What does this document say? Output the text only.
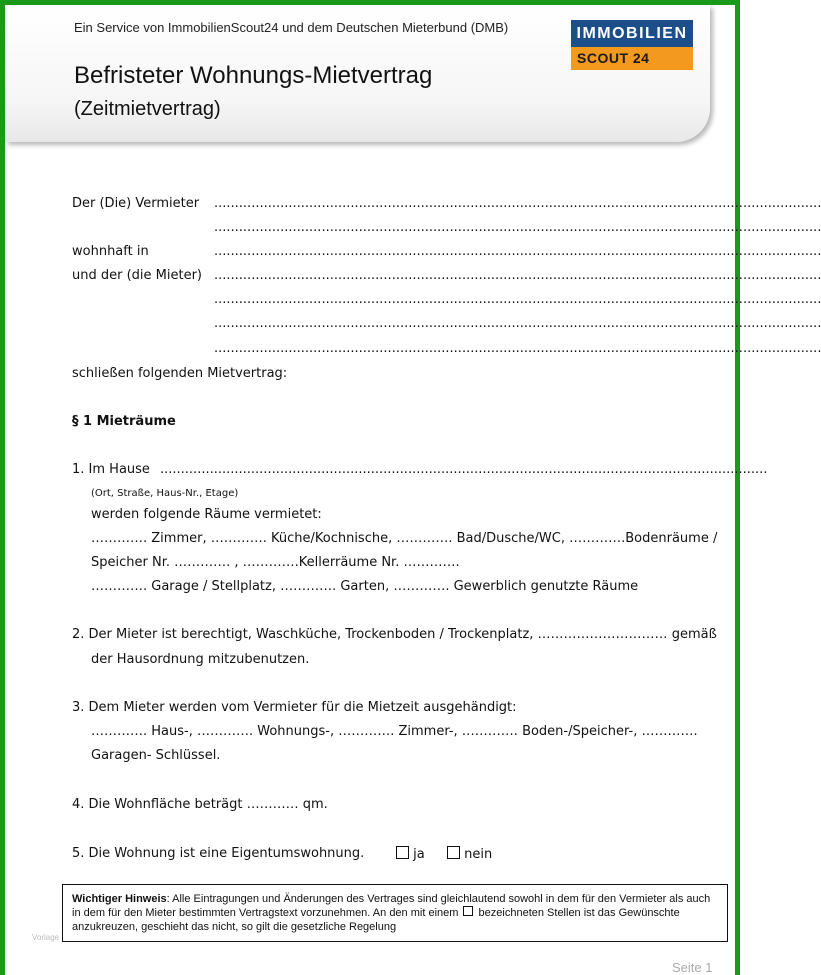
Ein Service von ImmobilienScout24 und dem Deutschen Mieterbund (DMB)
Befristeter Wohnungs-Mietvertrag
(Zeitmietvertrag)
IMMOBILIEN
SCOUT 24
Der (Die) Vermieter ...................................................................................................................................................
...................................................................................................................................................
wohnhaft in	...................................................................................................................................................
und der (die Mieter) ...................................................................................................................................................
...................................................................................................................................................
...................................................................................................................................................
...................................................................................................................................................
schließen folgenden Mietvertrag:
§ 1 Mieträume
1. Im Hause ...................................................................................................................................................
(Ort, Straße, Haus-Nr., Etage)
werden folgende Räume vermietet:
…………. Zimmer, …………. Küche/Kochnische, …………. Bad/Dusche/WC, ………….Bodenräume /
Speicher Nr. …………. , ………….Kellerräume Nr. ………….
…………. Garage / Stellplatz, …………. Garten, …………. Gewerblich genutzte Räume
2. Der Mieter ist berechtigt, Waschküche, Trockenboden / Trockenplatz, ………………………… gemäß
der Hausordnung mitzubenutzen.
3. Dem Mieter werden vom Vermieter für die Mietzeit ausgehändigt:
…………. Haus-, …………. Wohnungs-, …………. Zimmer-, …………. Boden-/Speicher-, ………….
Garagen- Schlüssel.
4. Die Wohnfläche beträgt ………… qm.
5. Die Wohnung ist eine Eigentumswohnung.	ja	nein
Wichtiger Hinweis: Alle Eintragungen und Änderungen des Vertrages sind gleichlautend sowohl in dem für den Vermieter als auch in dem für den Mieter bestimmten Vertragstext vorzunehmen. An den mit einem bezeichneten Stellen ist das Gewünschte anzukreuzen, geschieht das nicht, so gilt die gesetzliche Regelung
Vorlage
Seite 1
